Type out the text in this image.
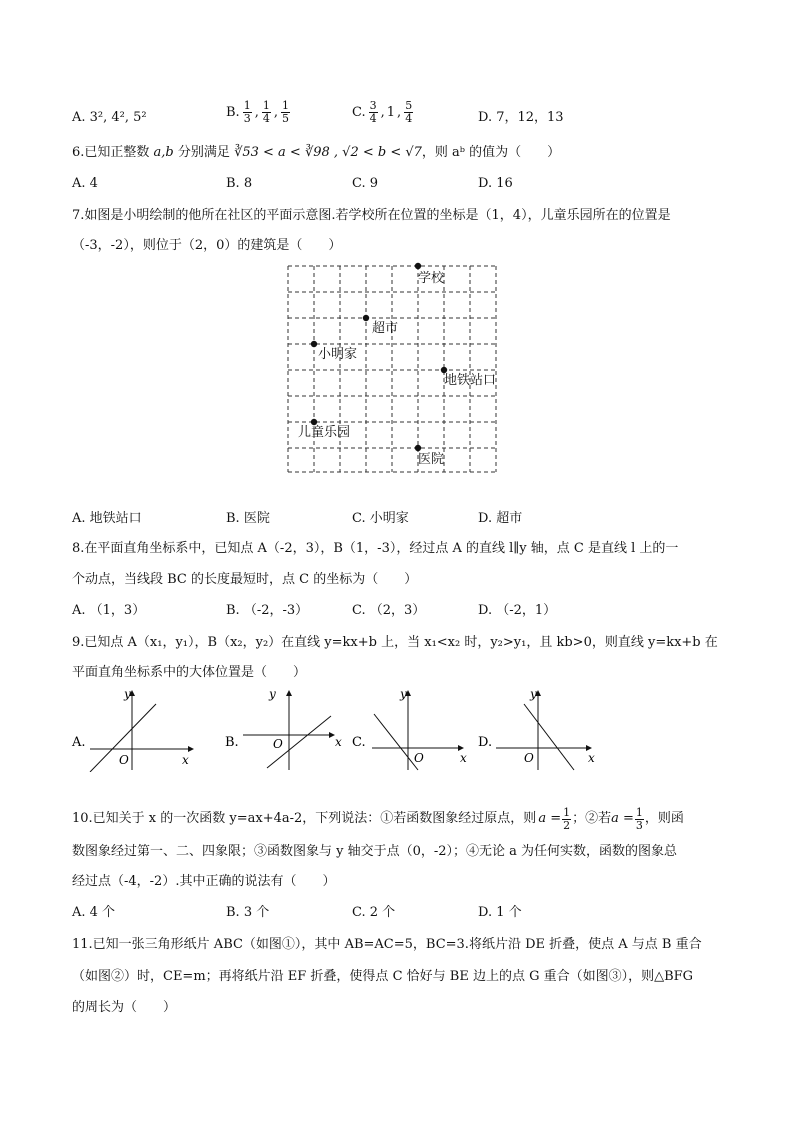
A. 3², 4², 5²	B. $\frac{1}{3}$ , $\frac{1}{4}$ , $\frac{1}{5}$	C. $\frac{3}{4}$ , 1 , $\frac{5}{4}$	D. 7，12，13
6.已知正整数 a,b 分别满足 ∛53 < a < ∛98 , √2 < b < √7，则 aᵇ 的值为（　　）
A. 4	B. 8	C. 9	D. 16
7.如图是小明绘制的他所在社区的平面示意图.若学校所在位置的坐标是（1，4），儿童乐园所在的位置是
（-3，-2），则位于（2，0）的建筑是（　　）
学校
超市
小明家
地铁站口
儿童乐园
医院
A. 地铁站口	B. 医院	C. 小明家	D. 超市
8.在平面直角坐标系中，已知点 A（-2，3），B（1，-3），经过点 A 的直线 l∥y 轴，点 C 是直线 l 上的一
个动点，当线段 BC 的长度最短时，点 C 的坐标为（　　）
A. （1，3）	B. （-2，-3）	C. （2，3）	D. （-2，1）
9.已知点 A（x₁，y₁），B（x₂，y₂）在直线 y=kx+b 上，当 x₁<x₂ 时，y₂>y₁，且 kb>0，则直线 y=kx+b 在
平面直角坐标系中的大体位置是（　　）
A.
y
x
O
B.
y
x
O	C.
y
x
O
D.
y
x
O
10.已知关于 x 的一次函数 y=ax+4a-2，下列说法：①若函数图象经过原点，则 $a = \frac{1}{2}$ ；②若 $a = \frac{1}{3}$ ，则函
数图象经过第一、二、四象限；③函数图象与 y 轴交于点（0，-2）；④无论 a 为任何实数，函数的图象总
经过点（-4，-2）.其中正确的说法有（　　）
A. 4 个	B. 3 个	C. 2 个	D. 1 个
11.已知一张三角形纸片 ABC（如图①），其中 AB=AC=5，BC=3.将纸片沿 DE 折叠，使点 A 与点 B 重合
（如图②）时，CE=m；再将纸片沿 EF 折叠，使得点 C 恰好与 BE 边上的点 G 重合（如图③），则△BFG
的周长为（　　）
